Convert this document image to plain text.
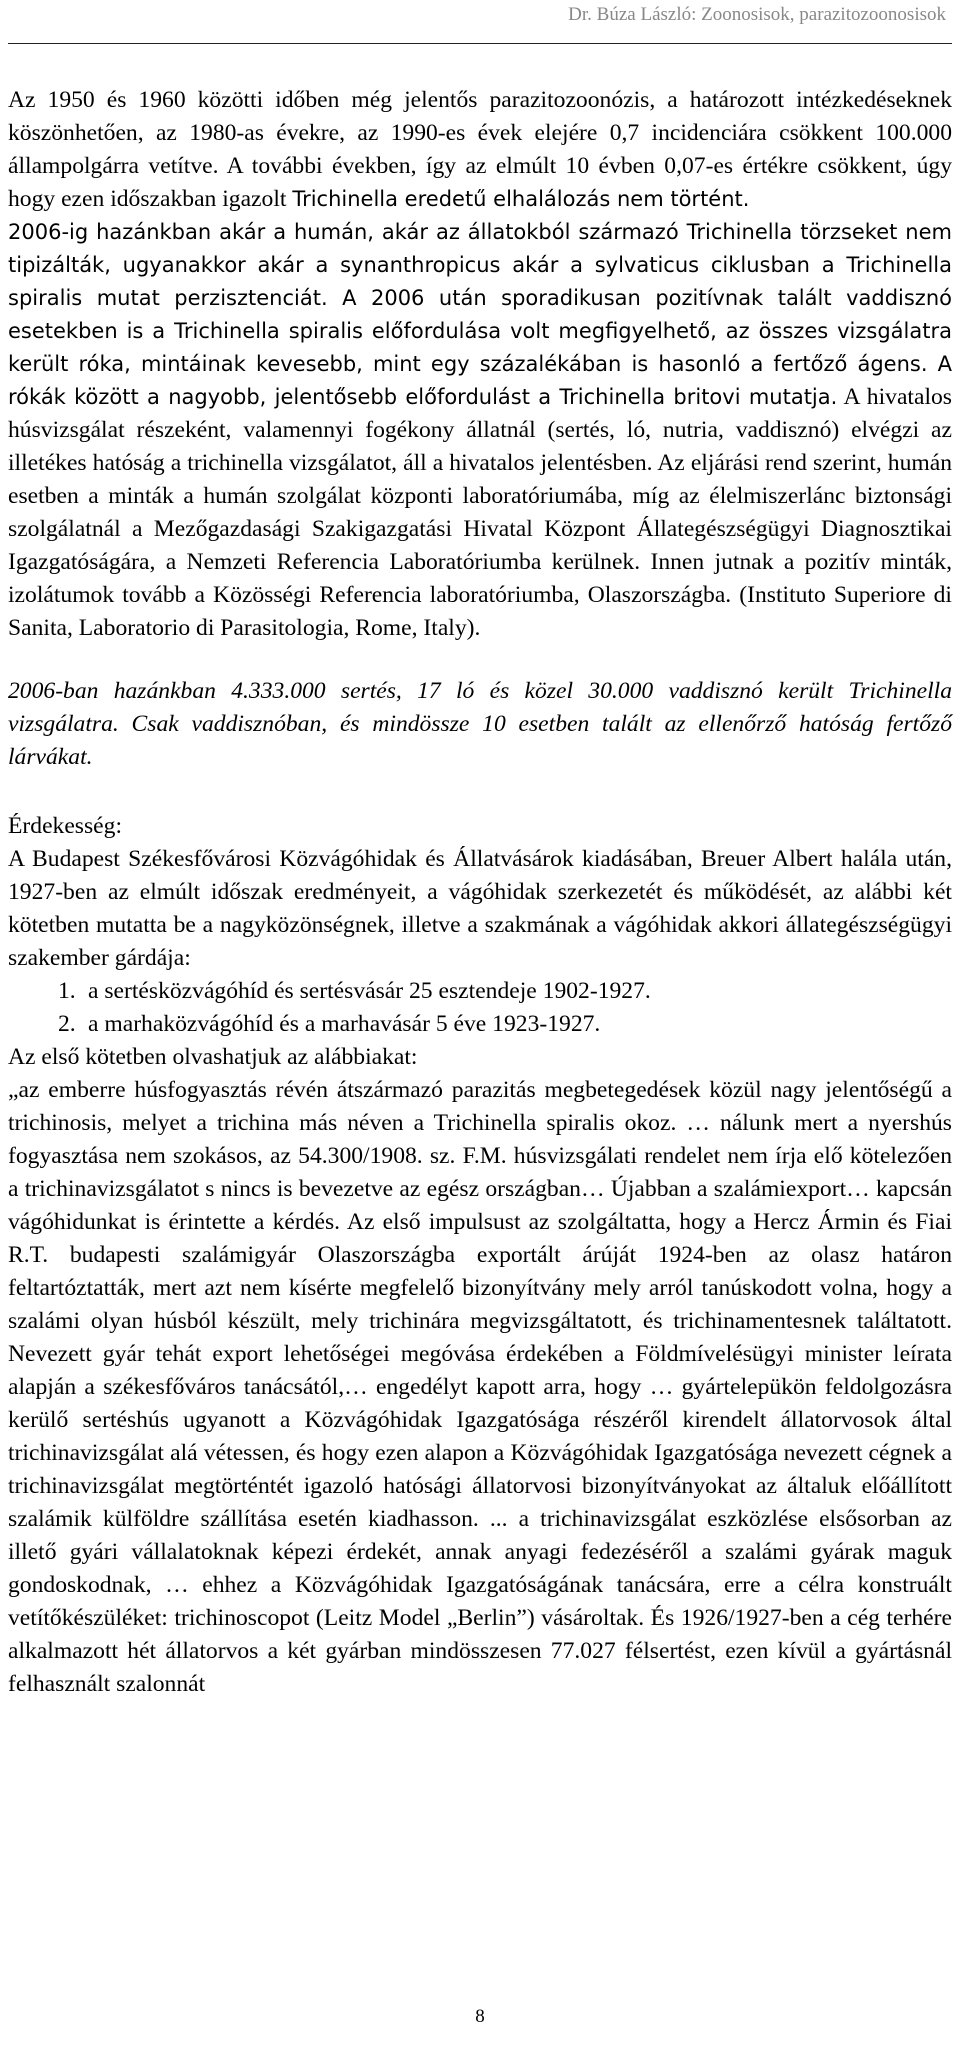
Dr. Búza László: Zoonosisok, parazitozoonosisok

Az 1950 és 1960 közötti időben még jelentős parazitozoonózis, a határozott intézkedéseknek köszönhetően, az 1980-as évekre, az 1990-es évek elejére 0,7 incidenciára csökkent 100.000 állampolgárra vetítve. A további években, így az elmúlt 10 évben 0,07-es értékre csökkent, úgy hogy ezen időszakban igazolt Trichinella eredetű elhalálozás nem történt.

2006-ig hazánkban akár a humán, akár az állatokból származó Trichinella törzseket nem tipizálták, ugyanakkor akár a synanthropicus akár a sylvaticus ciklusban a Trichinella spiralis mutat perzisztenciát. A 2006 után sporadikusan pozitívnak talált vaddisznó esetekben is a Trichinella spiralis előfordulása volt megfigyelhető, az összes vizsgálatra került róka, mintáinak kevesebb, mint egy százalékában is hasonló a fertőző ágens. A rókák között a nagyobb, jelentősebb előfordulást a Trichinella britovi mutatja. A hivatalos húsvizsgálat részeként, valamennyi fogékony állatnál (sertés, ló, nutria, vaddisznó) elvégzi az illetékes hatóság a trichinella vizsgálatot, áll a hivatalos jelentésben. Az eljárási rend szerint, humán esetben a minták a humán szolgálat központi laboratóriumába, míg az élelmiszerlánc biztonsági szolgálatnál a Mezőgazdasági Szakigazgatási Hivatal Központ Állategészségügyi Diagnosztikai Igazgatóságára, a Nemzeti Referencia Laboratóriumba kerülnek. Innen jutnak a pozitív minták, izolátumok tovább a Közösségi Referencia laboratóriumba, Olaszországba. (Instituto Superiore di Sanita, Laboratorio di Parasitologia, Rome, Italy).

2006-ban hazánkban 4.333.000 sertés, 17 ló és közel 30.000 vaddisznó került Trichinella vizsgálatra. Csak vaddisznóban, és mindössze 10 esetben talált az ellenőrző hatóság fertőző lárvákat.

Érdekesség:

A Budapest Székesfővárosi Közvágóhidak és Állatvásárok kiadásában, Breuer Albert halála után, 1927-ben az elmúlt időszak eredményeit, a vágóhidak szerkezetét és működését, az alábbi két kötetben mutatta be a nagyközönségnek, illetve a szakmának a vágóhidak akkori állategészségügyi szakember gárdája:

1. a sertésközvágóhíd és sertésvásár 25 esztendeje 1902-1927.
2. a marhaközvágóhíd és a marhavásár 5 éve 1923-1927.

Az első kötetben olvashatjuk az alábbiakat:

„az emberre húsfogyasztás révén átszármazó parazitás megbetegedések közül nagy jelentőségű a trichinosis, melyet a trichina más néven a Trichinella spiralis okoz. … nálunk mert a nyershús fogyasztása nem szokásos, az 54.300/1908. sz. F.M. húsvizsgálati rendelet nem írja elő kötelezően a trichinavizsgálatot s nincs is bevezetve az egész országban… Újabban a szalámiexport… kapcsán vágóhidunkat is érintette a kérdés. Az első impulsust az szolgáltatta, hogy a Hercz Ármin és Fiai R.T. budapesti szalámigyár Olaszországba exportált árúját 1924-ben az olasz határon feltartóztatták, mert azt nem kísérte megfelelő bizonyítvány mely arról tanúskodott volna, hogy a szalámi olyan húsból készült, mely trichinára megvizsgáltatott, és trichinamentesnek találtatott. Nevezett gyár tehát export lehetőségei megóvása érdekében a Földmívelésügyi minister leírata alapján a székesfőváros tanácsától,… engedélyt kapott arra, hogy … gyártelepükön feldolgozásra kerülő sertéshús ugyanott a Közvágóhidak Igazgatósága részéről kirendelt állatorvosok által trichinavizsgálat alá vétessen, és hogy ezen alapon a Közvágóhidak Igazgatósága nevezett cégnek a trichinavizsgálat megtörténtét igazoló hatósági állatorvosi bizonyítványokat az általuk előállított szalámik külföldre szállítása esetén kiadhasson. ... a trichinavizsgálat eszközlése elsősorban az illető gyári vállalatoknak képezi érdekét, annak anyagi fedezéséről a szalámi gyárak maguk gondoskodnak, … ehhez a Közvágóhidak Igazgatóságának tanácsára, erre a célra konstruált vetítőkészüléket: trichinoscopot (Leitz Model „Berlin”) vásároltak. És 1926/1927-ben a cég terhére alkalmazott hét állatorvos a két gyárban mindösszesen 77.027 félsertést, ezen kívül a gyártásnál felhasznált szalonnát

8
